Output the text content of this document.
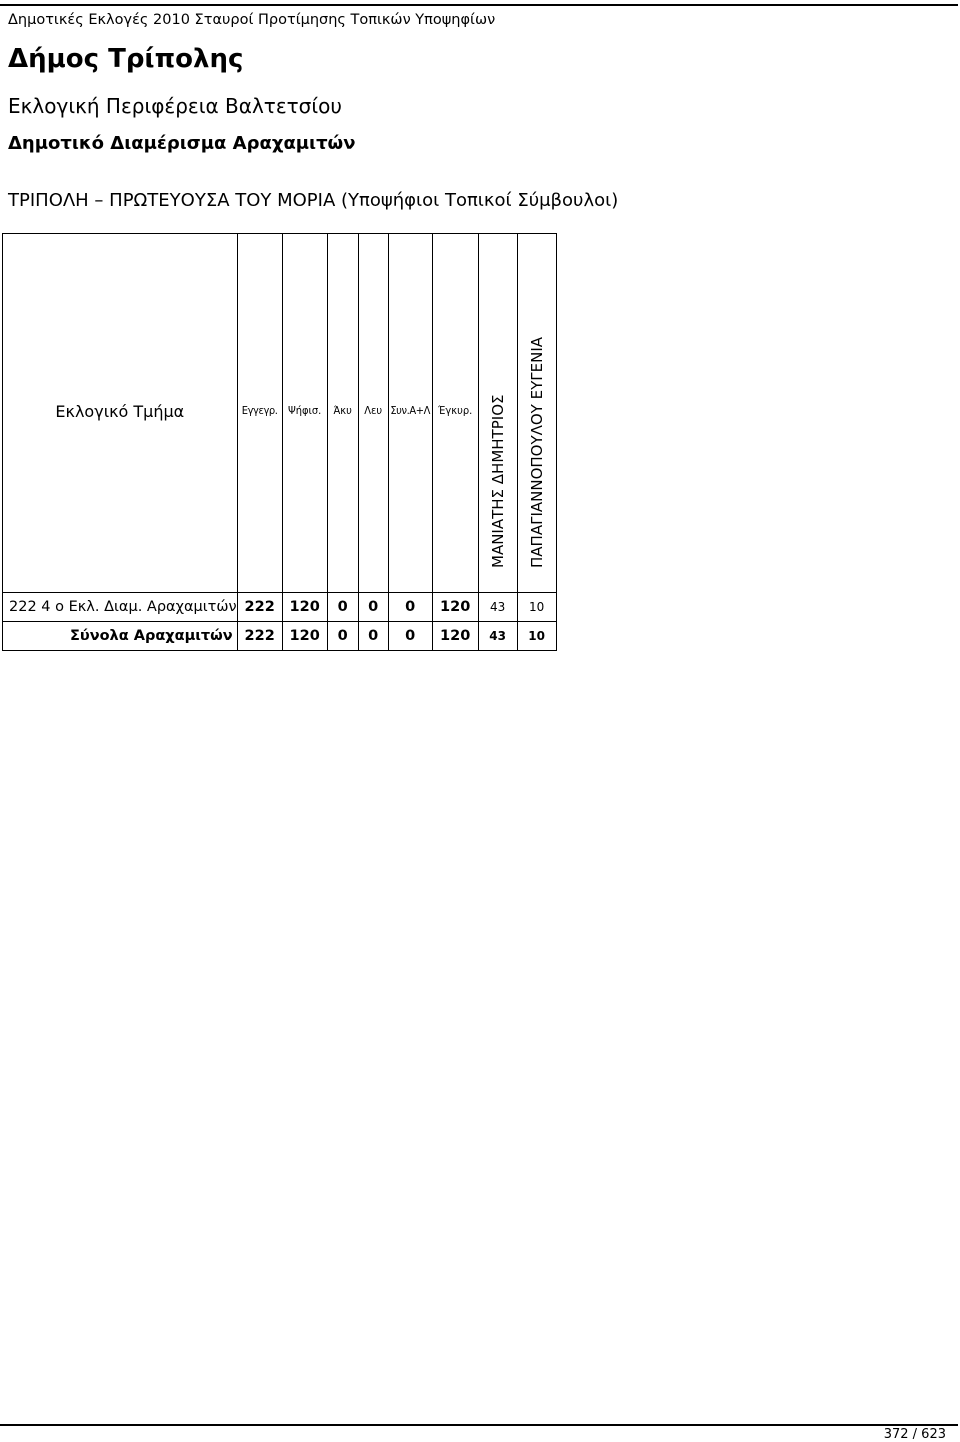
Δημοτικές Εκλογές 2010 Σταυροί Προτίμησης Τοπικών Υποψηφίων
Δήμος Τρίπολης
Εκλογική Περιφέρεια Βαλτετσίου
Δημοτικό Διαμέρισμα Αραχαμιτών
ΤΡΙΠΟΛΗ – ΠΡΩΤΕΥΟΥΣΑ ΤΟΥ ΜΟΡΙΑ (Υποψήφιοι Τοπικοί Σύμβουλοι)
Εκλογικό Τμήμα	Εγγεγρ.	Ψήφισ.	Άκυ	Λευ	Συν.Α+Λ	Έγκυρ.	ΜΑΝΙΑΤΗΣ ΔΗΜΗΤΡΙΟΣ	ΠΑΠΑΓΙΑΝΝΟΠΟΥΛΟΥ ΕΥΓΕΝΙΑ

222 4 ο Εκλ. Διαμ. Αραχαμιτών	222	120	0	0	0	120	43	10
Σύνολα Αραχαμιτών	222	120	0	0	0	120	43	10
372 / 623
